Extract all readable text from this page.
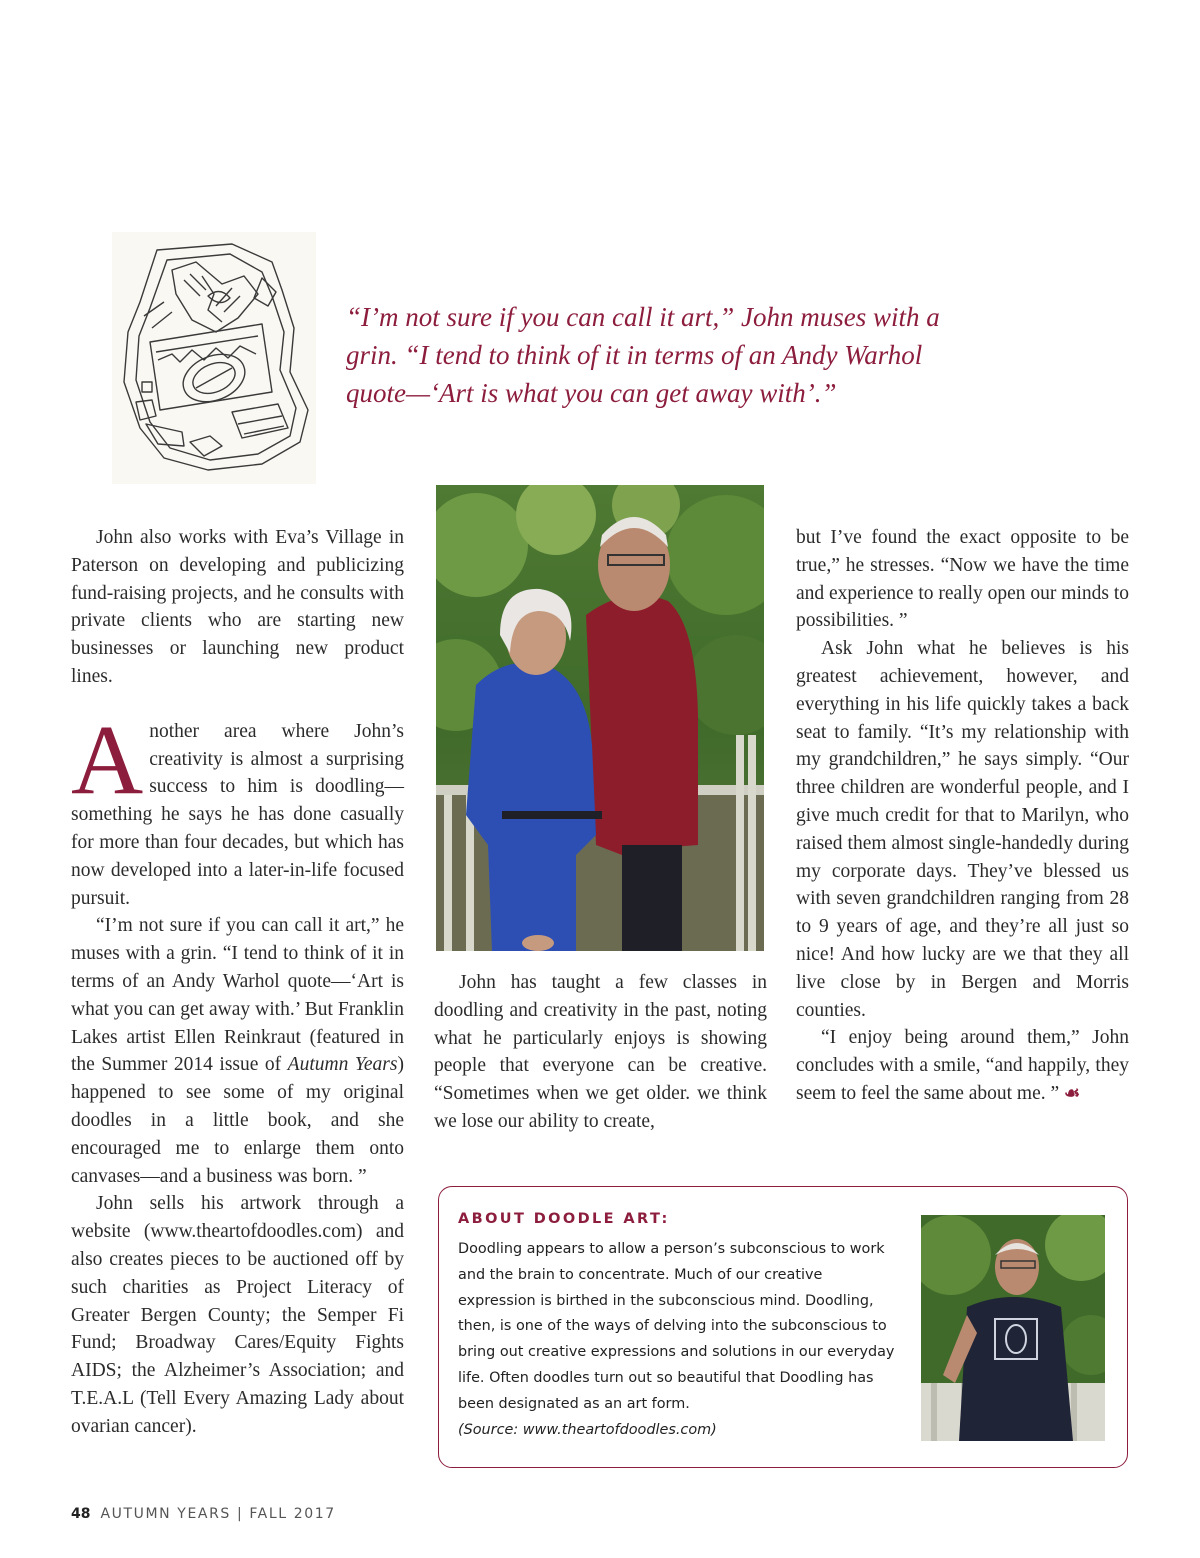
“I’m not sure if you can call it art,” John muses with a grin. “I tend to think of it in terms of an Andy Warhol quote—‘Art is what you can get away with’.”

John also works with Eva’s Village in Paterson on developing and publicizing fund-raising projects, and he consults with private clients who are starting new businesses or launching new product lines.

Another area where John’s creativity is almost a surprising success to him is doodling—something he says he has done casually for more than four decades, but which has now developed into a later-in-life focused pursuit.

“I’m not sure if you can call it art,” he muses with a grin. “I tend to think of it in terms of an Andy Warhol quote—‘Art is what you can get away with.’ But Franklin Lakes artist Ellen Reinkraut (featured in the Summer 2014 issue of Autumn Years) happened to see some of my original doodles in a little book, and she encouraged me to enlarge them onto canvases—and a business was born. ”

John sells his artwork through a website (www.theartofdoodles.com) and also creates pieces to be auctioned off by such charities as Project Literacy of Greater Bergen County; the Semper Fi Fund; Broadway Cares/Equity Fights AIDS; the Alzheimer’s Association; and T.E.A.L (Tell Every Amazing Lady about ovarian cancer).

John has taught a few classes in doodling and creativity in the past, noting what he particularly enjoys is showing people that everyone can be creative. “Sometimes when we get older. we think we lose our ability to create,

but I’ve found the exact opposite to be true,” he stresses. “Now we have the time and experience to really open our minds to possibilities. ”

Ask John what he believes is his greatest achievement, however, and everything in his life quickly takes a back seat to family. “It’s my relationship with my grandchildren,” he says simply. “Our three children are wonderful people, and I give much credit for that to Marilyn, who raised them almost single-handedly during my corporate days. They’ve blessed us with seven grandchildren ranging from 28 to 9 years of age, and they’re all just so nice! And how lucky are we that they all live close by in Bergen and Morris counties.

“I enjoy being around them,” John concludes with a smile, “and happily, they seem to feel the same about me. ” ☙

ABOUT DOODLE ART:

Doodling appears to allow a person’s subconscious to work and the brain to concentrate. Much of our creative expression is birthed in the subconscious mind. Doodling, then, is one of the ways of delving into the subconscious to bring out creative expressions and solutions in our everyday life. Often doodles turn out so beautiful that Doodling has been designated as an art form.
(Source: www.theartofdoodles.com)

48 AUTUMN YEARS | FALL 2017
